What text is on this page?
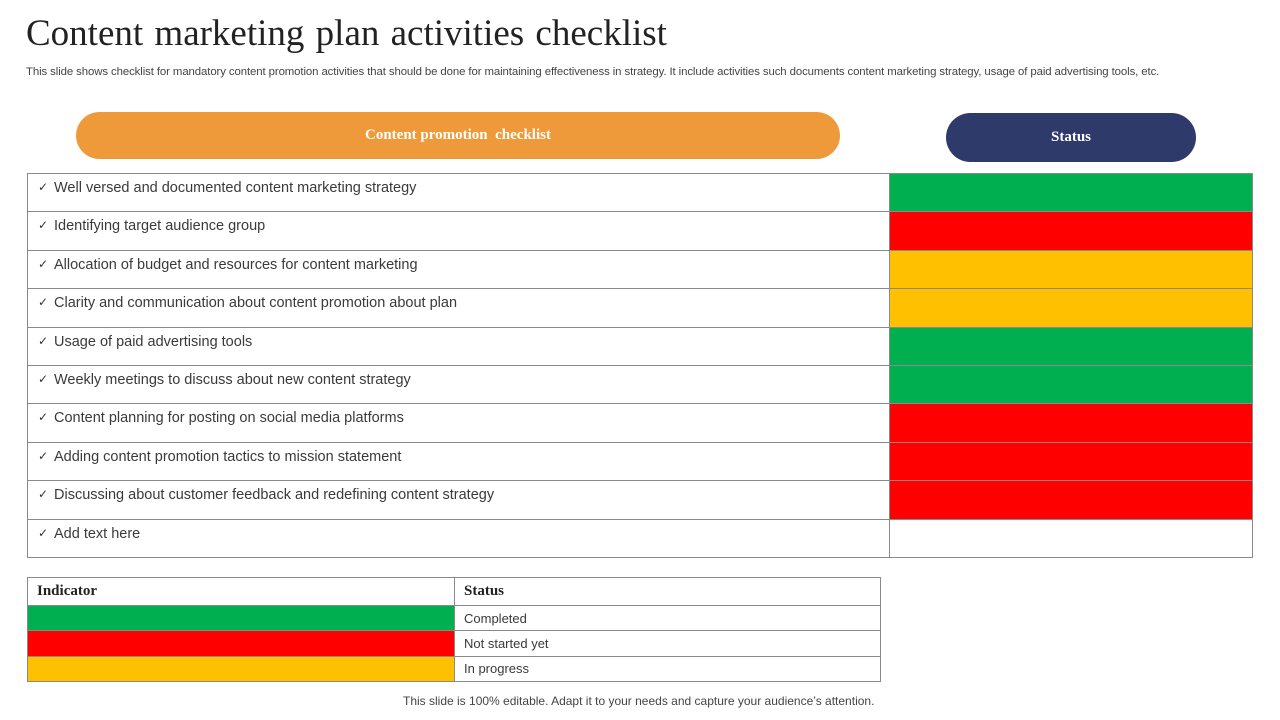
Content marketing plan activities checklist
This slide shows checklist for mandatory content promotion activities that should be done for maintaining effectiveness in strategy. It include activities such documents content marketing strategy, usage of paid advertising tools, etc.
Content promotion  checklist	Status
✓ Well versed and documented content marketing strategy	
✓ Identifying target audience group	
✓ Allocation of budget and resources for content marketing	
✓ Clarity and communication about content promotion about plan	
✓ Usage of paid advertising tools	
✓ Weekly meetings to discuss about new content strategy	
✓ Content planning for posting on social media platforms	
✓ Adding content promotion tactics to mission statement	
✓ Discussing about customer feedback and redefining content strategy	
✓ Add text here	
Indicator	Status
	Completed
	Not started yet
	In progress
This slide is 100% editable. Adapt it to your needs and capture your audience’s attention.
